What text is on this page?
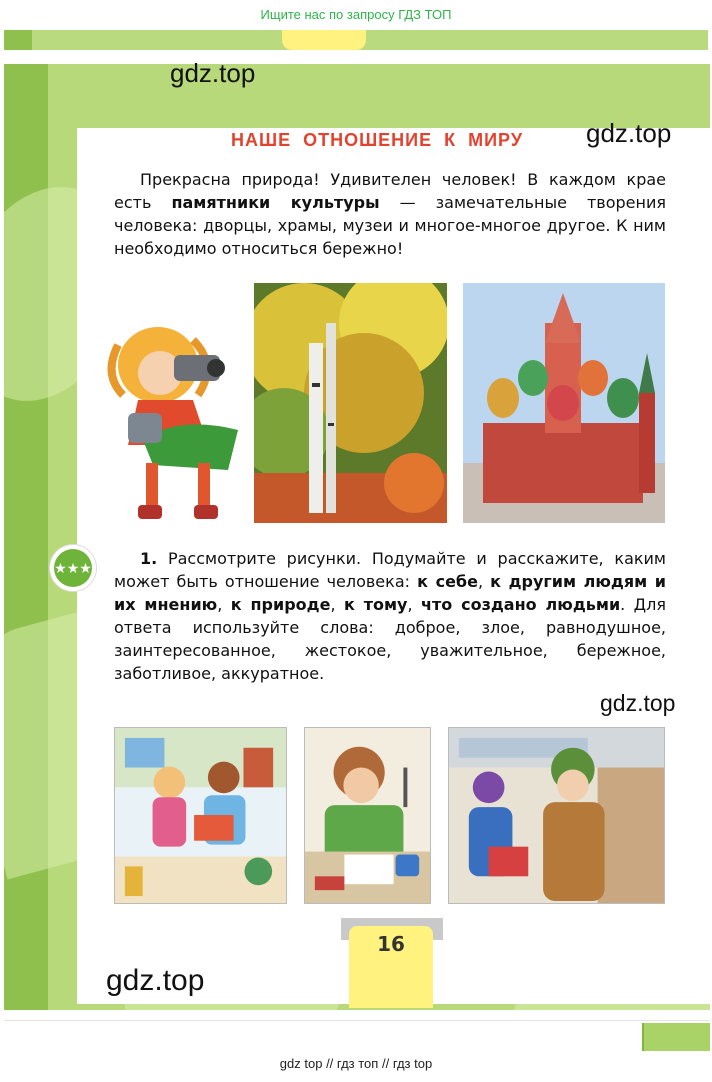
Ищите нас по запросу ГДЗ ТОП
gdz.top
gdz.top
НАШЕ ОТНОШЕНИЕ К МИРУ
Прекрасна природа! Удивителен человек! В каждом крае есть памятники культуры — замечательные творения человека: дворцы, храмы, музеи и многое-многое другое. К ним необходимо относиться бережно!
★★★	1. Рассмотрите рисунки. Подумайте и расскажите, каким может быть отношение человека: к себе, к другим людям и их мнению, к природе, к тому, что создано людьми. Для ответа используйте слова: доброе, злое, равнодушное, заинтересованное, жестокое, уважительное, бережное, заботливое, аккуратное.
gdz.top
16
gdz.top
gdz top // гдз топ // гдз top
